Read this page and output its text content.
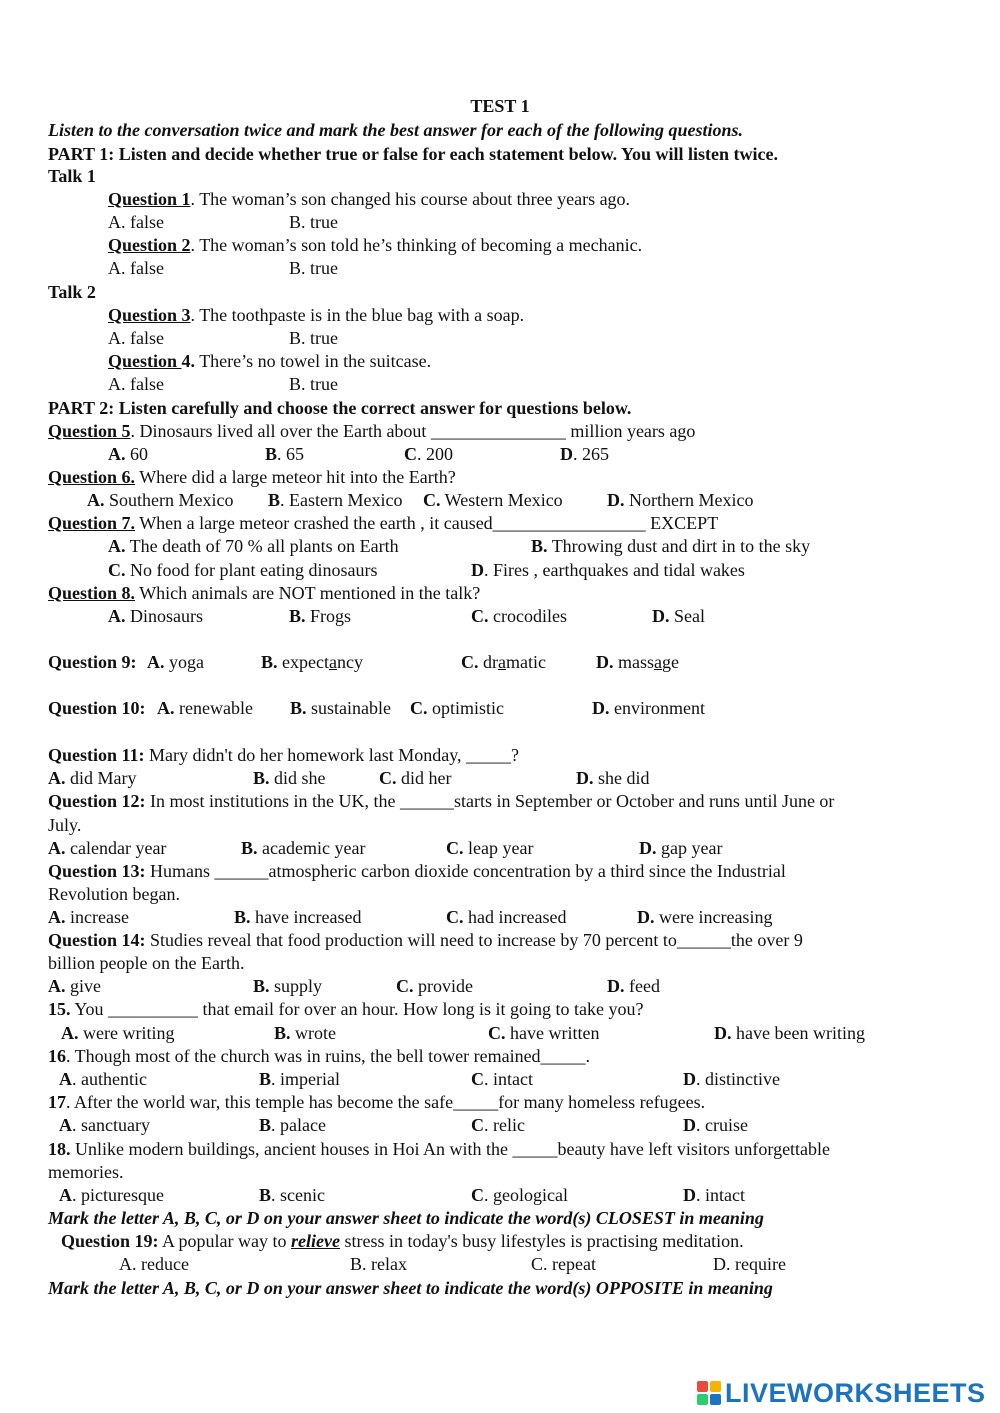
TEST 1
Listen to the conversation twice and mark the best answer for each of the following questions.
PART 1: Listen and decide whether true or false for each statement below. You will listen twice.
Talk 1
Question 1. The woman’s son changed his course about three years ago.
A. false	B. true
Question 2. The woman’s son told he’s thinking of becoming a mechanic.
A. false	B. true
Talk 2
Question 3. The toothpaste is in the blue bag with a soap.
A. false	B. true
Question 4. There’s no towel in the suitcase.
A. false	B. true
PART 2: Listen carefully and choose the correct answer for questions below.
Question 5. Dinosaurs lived all over the Earth about _______________ million years ago
A. 60	B. 65	C. 200	D. 265
Question 6. Where did a large meteor hit into the Earth?
A. Southern Mexico B. Eastern Mexico C. Western Mexico D. Northern Mexico
Question 7. When a large meteor crashed the earth , it caused_________________ EXCEPT
A. The death of 70 % all plants on Earth	B. Throwing dust and dirt in to the sky
C. No food for plant eating dinosaurs	D. Fires , earthquakes and tidal wakes
Question 8. Which animals are NOT mentioned in the talk?
A. Dinosaurs	B. Frogs	C. crocodiles	D. Seal
Question 9: A. yoga	B. expectancy	C. dramatic	D. massage
Question 10: A. renewable B. sustainable C. optimistic	D. environment
Question 11: Mary didn't do her homework last Monday, _____?
A. did Mary	B. did she	C. did her	D. she did
Question 12: In most institutions in the UK, the ______starts in September or October and runs until June or
July.
A. calendar year	B. academic year	C. leap year	D. gap year
Question 13: Humans ______atmospheric carbon dioxide concentration by a third since the Industrial
Revolution began.
A. increase	B. have increased	C. had increased	D. were increasing
Question 14: Studies reveal that food production will need to increase by 70 percent to______the over 9
billion people on the Earth.
A. give	B. supply	C. provide	D. feed
15. You __________ that email for over an hour. How long is it going to take you?
A. were writing	B. wrote	C. have written	D. have been writing
16. Though most of the church was in ruins, the bell tower remained_____.
A. authentic	B. imperial	C. intact	D. distinctive
17. After the world war, this temple has become the safe_____for many homeless refugees.
A. sanctuary	B. palace	C. relic	D. cruise
18. Unlike modern buildings, ancient houses in Hoi An with the _____beauty have left visitors unforgettable
memories.
A. picturesque	B. scenic	C. geological	D. intact
Mark the letter A, B, C, or D on your answer sheet to indicate the word(s) CLOSEST in meaning
Question 19: A popular way to relieve stress in today's busy lifestyles is practising meditation.
A. reduce	B. relax	C. repeat	D. require
Mark the letter A, B, C, or D on your answer sheet to indicate the word(s) OPPOSITE in meaning
LIVEWORKSHEETS
